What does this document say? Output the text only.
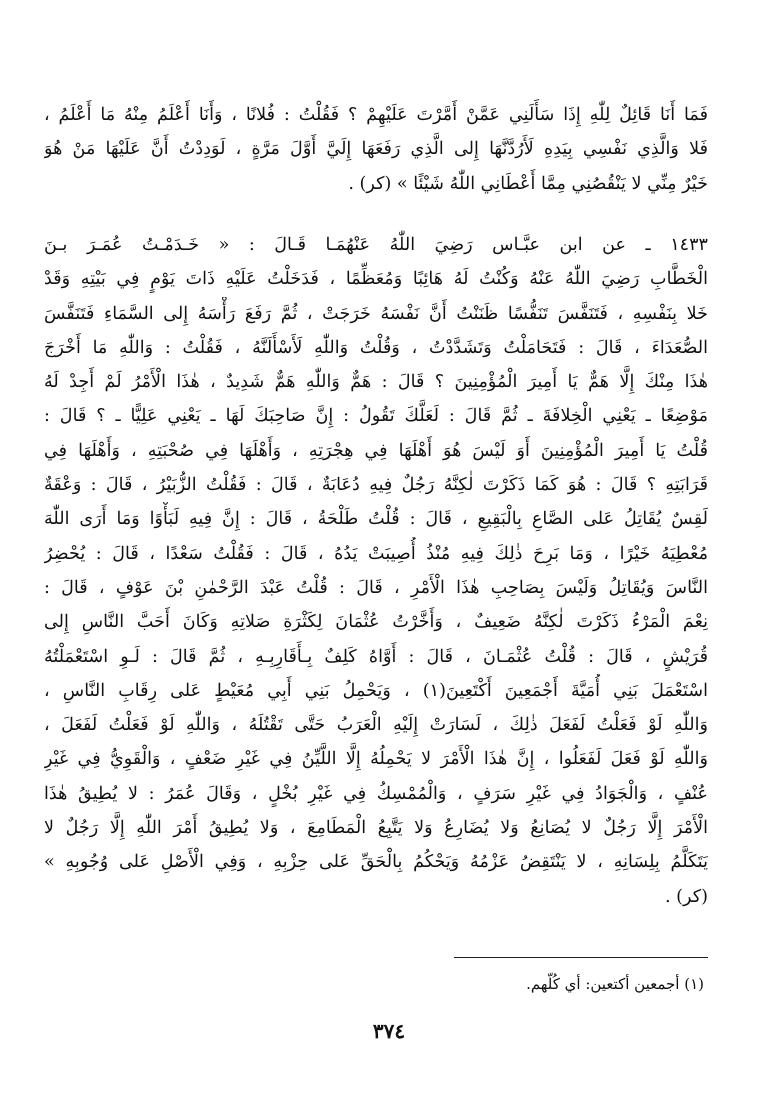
فَمَا أَنَا قَائِلٌ لِلّٰهِ إِذَا سَأَلَنِي عَمَّنْ أَمَّرْتَ عَلَيْهِمْ ؟ فَقُلْتُ : فُلانًا ، وَأَنَا أَعْلَمُ مِنْهُ مَا أَعْلَمُ ،
فَلا وَالَّذِي نَفْسِي بِيَدِهِ لَأَرُدَّنَّهَا إِلى الَّذِي رَفَعَهَا إِلَيَّ أَوَّلَ مَرَّةٍ ، لَوَدِدْتُ أَنَّ عَلَيْهَا مَنْ هُوَ
خَيْرٌ مِنِّي لا يَنْقُصُنِي مِمَّا أَعْطَانِي اللّٰهُ شَيْئًا » (كر) .
١٤٣٣ ـ عن ابن عبَّـاس رَضِيَ اللّٰهُ عَنْهُمَـا قَـالَ : « خَـدَمْـتُ عُمَـرَ بـنَ
الْخَطَّابِ رَضِيَ اللّٰهُ عَنْهُ وَكُنْتُ لَهُ هَائِبًا وَمُعَظِّمًا ، فَدَخَلْتُ عَلَيْهِ ذَاتَ يَوْمٍ فِي بَيْتِهِ وَقَدْ
خَلا بِنَفْسِهِ ، فَتَنَفَّسَ تَنَفُّسًا ظَنَنْتُ أَنَّ نَفْسَهُ خَرَجَتْ ، ثُمَّ رَفَعَ رَأْسَهُ إِلى السَّمَاءِ فَتَنَفَّسَ
الصُّعَدَاءَ ، قَالَ : فَتَحَامَلْتُ وَتَشَدَّدْتُ ، وَقُلْتُ وَاللّٰهِ لَأَسْأَلَنَّهُ ، فَقُلْتُ : وَاللّٰهِ مَا أَخْرَجَ
هٰذَا مِنْكَ إِلَّا هَمٌّ يَا أَمِيرَ الْمُؤْمِنِينَ ؟ قَالَ : هَمٌّ وَاللّٰهِ هَمٌّ شَدِيدٌ ، هٰذَا الْأَمْرُ لَمْ أَجِدْ لَهُ
مَوْضِعًا ـ يَعْنِي الْخِلافَةَ ـ ثُمَّ قَالَ : لَعَلَّكَ تَقُولُ : إِنَّ صَاحِبَكَ لَهَا ـ يَعْنِي عَلِيًّا ـ ؟ قَالَ :
قُلْتُ يَا أَمِيرَ الْمُؤْمِنِينَ أَوَ لَيْسَ هُوَ أَهْلَهَا فِي هِجْرَتِهِ ، وَأَهْلَهَا فِي صُحْبَتِهِ ، وَأَهْلَهَا فِي
قَرَابَتِهِ ؟ قَالَ : هُوَ كَمَا ذَكَرْتَ لٰكِنَّهُ رَجُلٌ فِيهِ دُعَابَةٌ ، قَالَ : فَقُلْتُ الزُّبَيْرُ ، قَالَ : وَعْقَةٌ
لَقِسٌ يُقَاتِلُ عَلى الصَّاعِ بِالْبَقِيعِ ، قَالَ : قُلْتُ طَلْحَةُ ، قَالَ : إِنَّ فِيهِ لَبَأْوًا وَمَا أَرَى اللّٰهَ
مُعْطِيَهُ خَيْرًا ، وَمَا بَرِحَ ذٰلِكَ فِيهِ مُنْذُ أُصِيبَتْ يَدُهُ ، قَالَ : فَقُلْتُ سَعْدًا ، قَالَ : يُحْضِرُ
النَّاسَ وَيُقَاتِلُ وَلَيْسَ بِصَاحِبِ هٰذَا الْأَمْرِ ، قَالَ : قُلْتُ عَبْدَ الرَّحْمٰنِ بْنَ عَوْفٍ ، قَالَ :
نِعْمَ الْمَرْءُ ذَكَرْتَ لٰكِنَّهُ ضَعِيفٌ ، وَأَخَّرْتُ عُثْمَانَ لِكَثْرَةِ صَلاتِهِ وَكَانَ أَحَبَّ النَّاسِ إِلى
قُرَيْشٍ ، قَالَ : قُلْتُ عُثْمَـانَ ، قَالَ : أَوَّاهُ كَلِفٌ بِـأَقَارِبِـهِ ، ثُمَّ قَالَ : لَـوِ اسْتَعْمَلْتُهُ
اسْتَعْمَلَ بَنِي أُمَيَّةَ أَجْمَعِينَ أَكْتَعِينَ(١) ، وَيَحْمِلُ بَنِي أَبِي مُعَيْطٍ عَلى رِقَابِ النَّاسِ ،
وَاللّٰهِ لَوْ فَعَلْتُ لَفَعَلَ ذٰلِكَ ، لَسَارَتْ إِلَيْهِ الْعَرَبُ حَتَّى تَقْتُلَهُ ، وَاللّٰهِ لَوْ فَعَلْتُ لَفَعَلَ ،
وَاللّٰهِ لَوْ فَعَلَ لَفَعَلُوا ، إِنَّ هٰذَا الْأَمْرَ لا يَحْمِلُهُ إِلَّا اللَّيِّنُ فِي غَيْرِ ضَعْفٍ ، وَالْقَوِيُّ فِي غَيْرِ
عُنْفٍ ، وَالْجَوَادُ فِي غَيْرِ سَرَفٍ ، وَالْمُمْسِكُ فِي غَيْرِ بُخْلٍ ، وَقَالَ عُمَرُ : لا يُطِيقُ هٰذَا
الْأَمْرَ إِلَّا رَجُلٌ لا يُصَانِعُ وَلا يُضَارِعُ وَلا يَتَّبِعُ الْمَطَامِعَ ، وَلا يُطِيقُ أَمْرَ اللّٰهِ إِلَّا رَجُلٌ لا
يَتَكَلَّمُ بِلِسَانِهِ ، لا يَنْتَقِضُ عَزْمُهُ وَيَحْكُمُ بِالْحَقِّ عَلى حِزْبِهِ ، وَفِي الْأَصْلِ عَلى وُجُوبِهِ »
(كر) .
(١) أجمعين أكتعين: أي كُلّهم.
٣٧٤
